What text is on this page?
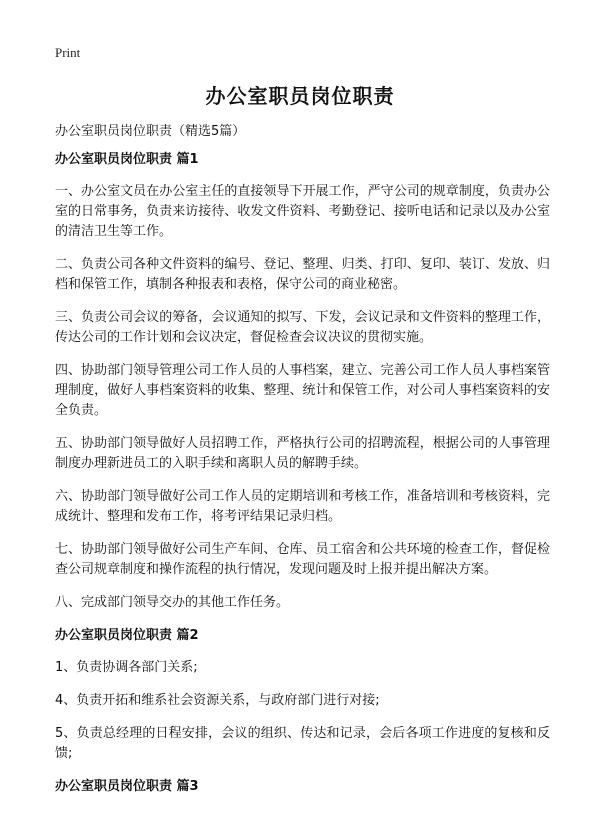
Print
办公室职员岗位职责
办公室职员岗位职责（精选5篇）
办公室职员岗位职责 篇1
一、办公室文员在办公室主任的直接领导下开展工作，严守公司的规章制度，负责办公室的日常事务，负责来访接待、收发文件资料、考勤登记、接听电话和记录以及办公室的清洁卫生等工作。
二、负责公司各种文件资料的编号、登记、整理、归类、打印、复印、装订、发放、归档和保管工作，填制各种报表和表格，保守公司的商业秘密。
三、负责公司会议的筹备，会议通知的拟写、下发，会议记录和文件资料的整理工作，传达公司的工作计划和会议决定，督促检查会议决议的贯彻实施。
四、协助部门领导管理公司工作人员的人事档案，建立、完善公司工作人员人事档案管理制度，做好人事档案资料的收集、整理、统计和保管工作，对公司人事档案资料的安全负责。
五、协助部门领导做好人员招聘工作，严格执行公司的招聘流程，根据公司的人事管理制度办理新进员工的入职手续和离职人员的解聘手续。
六、协助部门领导做好公司工作人员的定期培训和考核工作，准备培训和考核资料，完成统计、整理和发布工作，将考评结果记录归档。
七、协助部门领导做好公司生产车间、仓库、员工宿舍和公共环境的检查工作，督促检查公司规章制度和操作流程的执行情况，发现问题及时上报并提出解决方案。
八、完成部门领导交办的其他工作任务。
办公室职员岗位职责 篇2
1、负责协调各部门关系;
4、负责开拓和维系社会资源关系，与政府部门进行对接;
5、负责总经理的日程安排，会议的组织、传达和记录，会后各项工作进度的复核和反馈;
办公室职员岗位职责 篇3
